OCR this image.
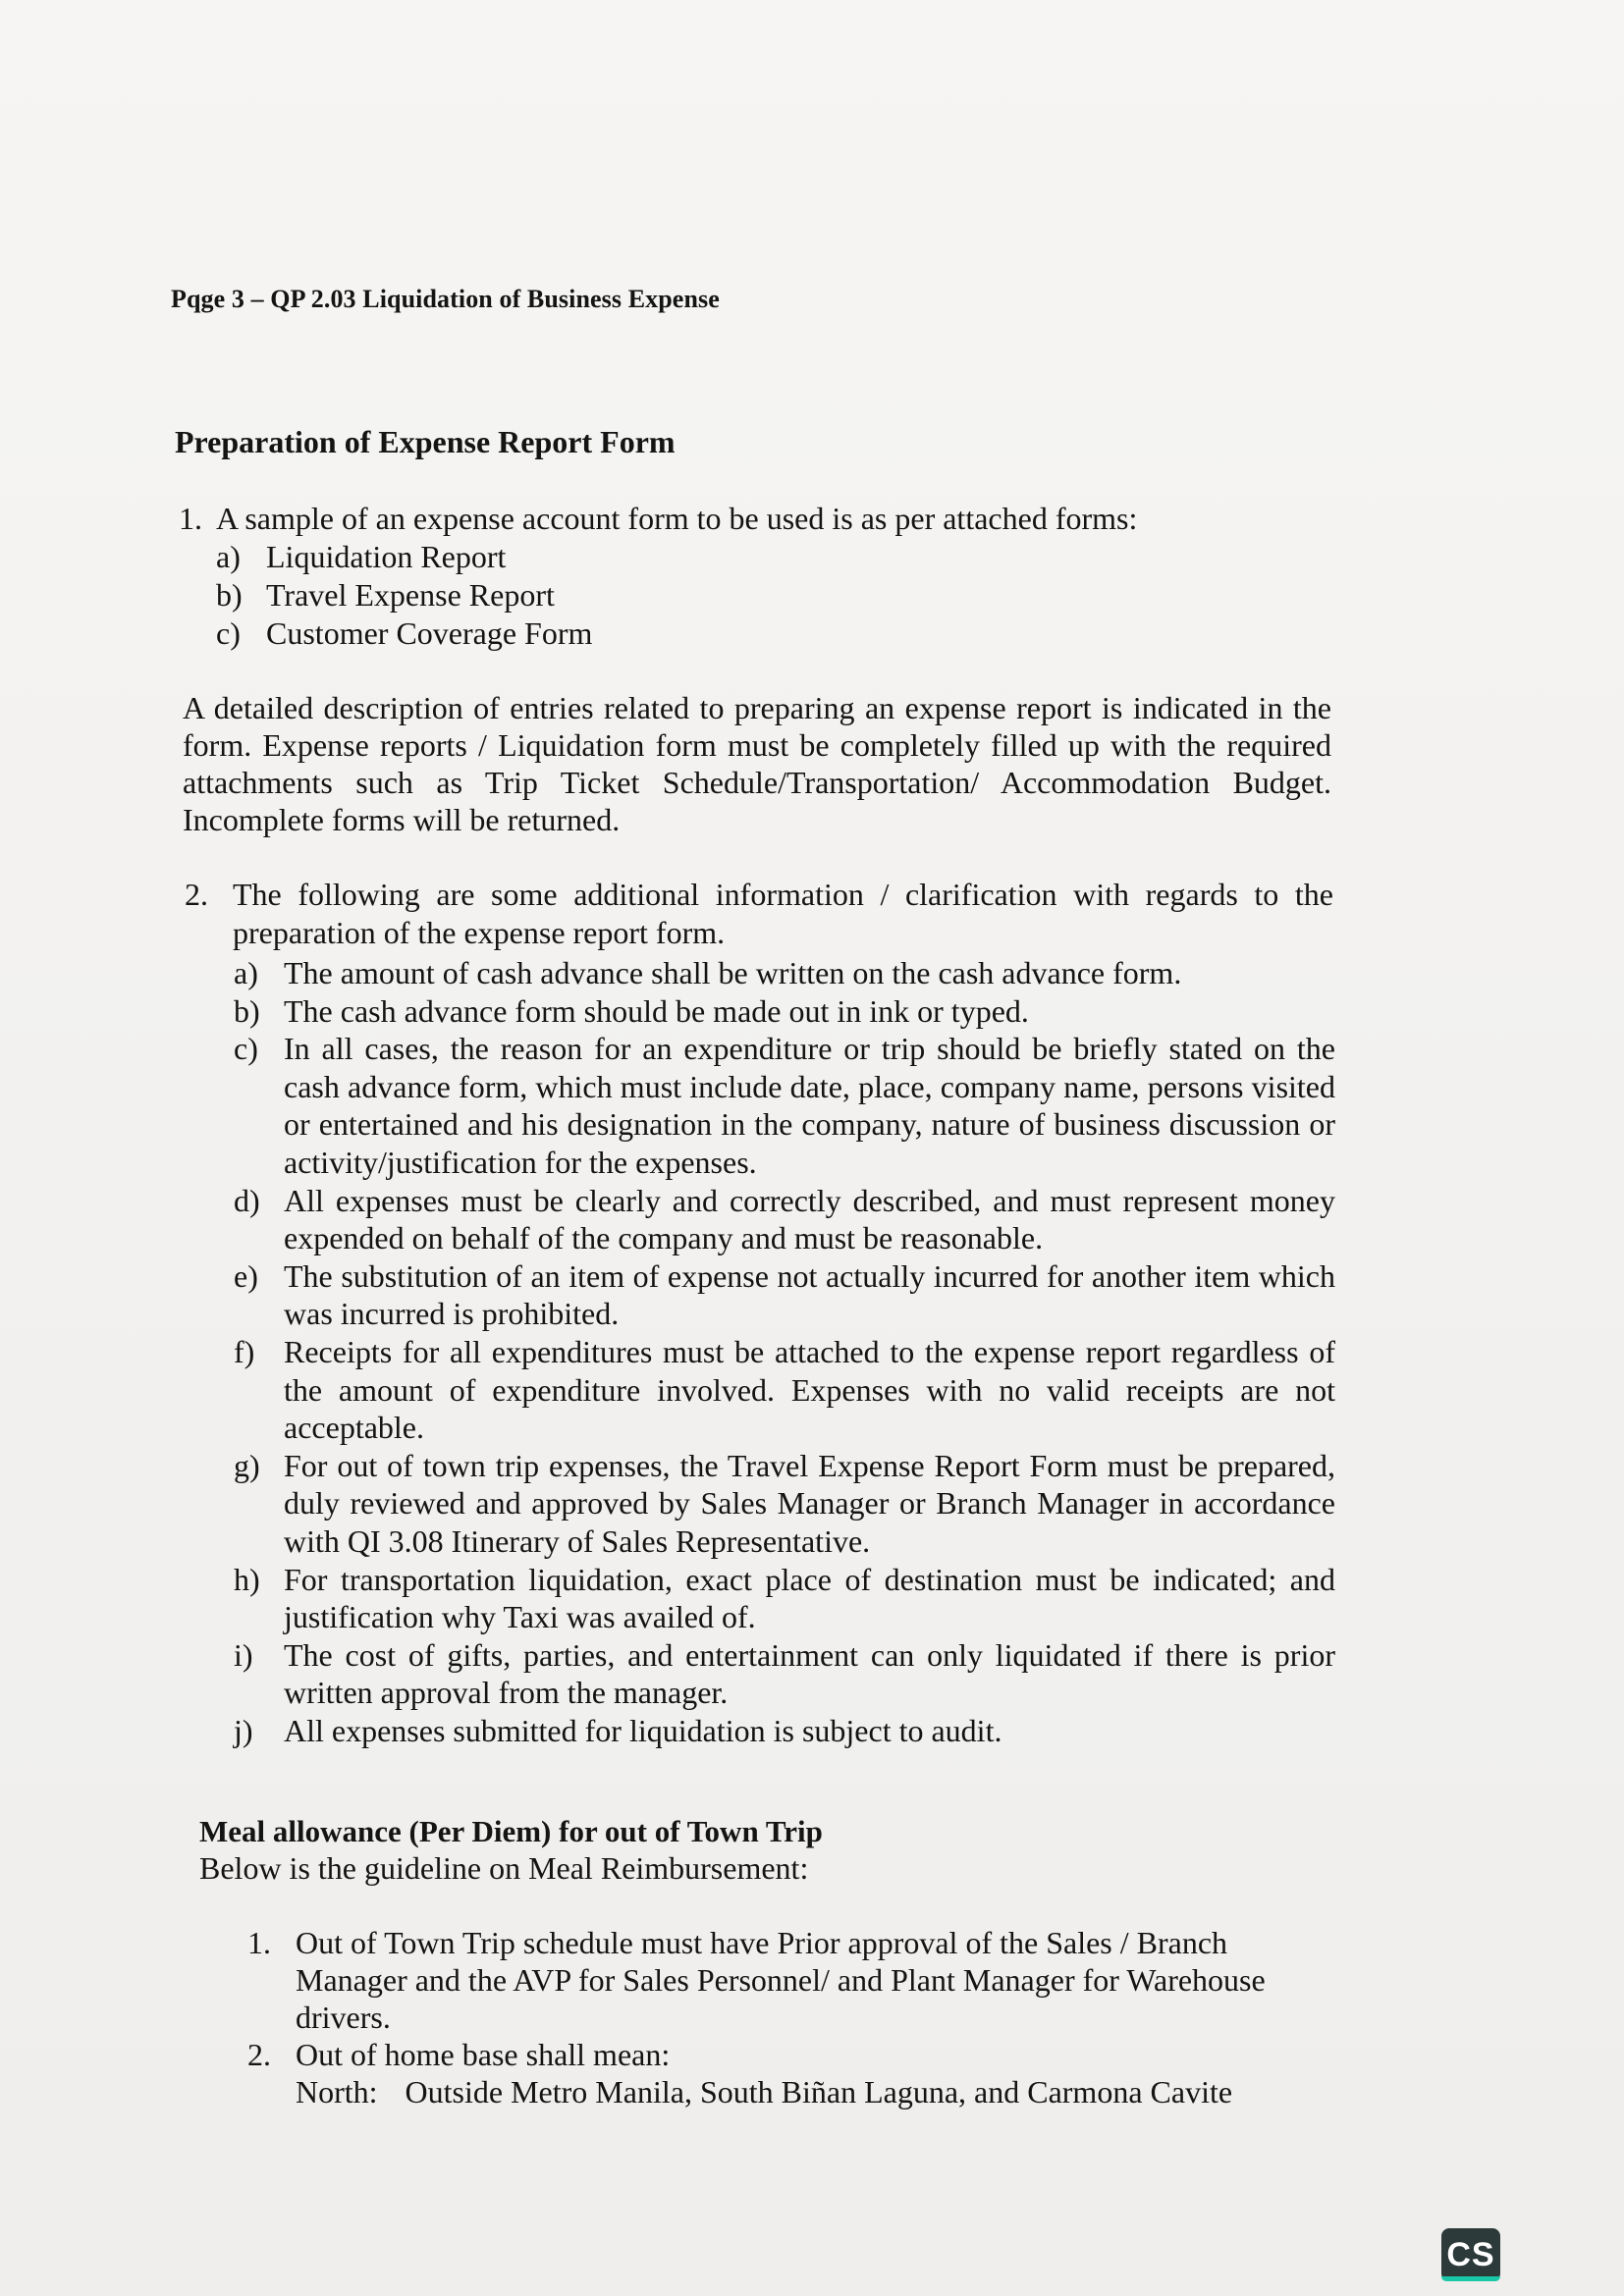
Pqge 3 – QP 2.03 Liquidation of Business Expense
Preparation of Expense Report Form
1. A sample of an expense account form to be used is as per attached forms:
a) Liquidation Report
b) Travel Expense Report
c) Customer Coverage Form
A detailed description of entries related to preparing an expense report is indicated in the form. Expense reports / Liquidation form must be completely filled up with the required attachments such as Trip Ticket Schedule/Transportation/ Accommodation Budget. Incomplete forms will be returned.
2. The following are some additional information / clarification with regards to the preparation of the expense report form.
a) The amount of cash advance shall be written on the cash advance form.
b) The cash advance form should be made out in ink or typed.
c) In all cases, the reason for an expenditure or trip should be briefly stated on the cash advance form, which must include date, place, company name, persons visited or entertained and his designation in the company, nature of business discussion or activity/justification for the expenses.
d) All expenses must be clearly and correctly described, and must represent money expended on behalf of the company and must be reasonable.
e) The substitution of an item of expense not actually incurred for another item which was incurred is prohibited.
f) Receipts for all expenditures must be attached to the expense report regardless of the amount of expenditure involved. Expenses with no valid receipts are not acceptable.
g) For out of town trip expenses, the Travel Expense Report Form must be prepared, duly reviewed and approved by Sales Manager or Branch Manager in accordance with QI 3.08 Itinerary of Sales Representative.
h) For transportation liquidation, exact place of destination must be indicated; and justification why Taxi was availed of.
i) The cost of gifts, parties, and entertainment can only liquidated if there is prior written approval from the manager.
j) All expenses submitted for liquidation is subject to audit.
Meal allowance (Per Diem) for out of Town Trip
Below is the guideline on Meal Reimbursement:
1. Out of Town Trip schedule must have Prior approval of the Sales / Branch Manager and the AVP for Sales Personnel/ and Plant Manager for Warehouse drivers.
2. Out of home base shall mean:
North: Outside Metro Manila, South Biñan Laguna, and Carmona Cavite
CS
